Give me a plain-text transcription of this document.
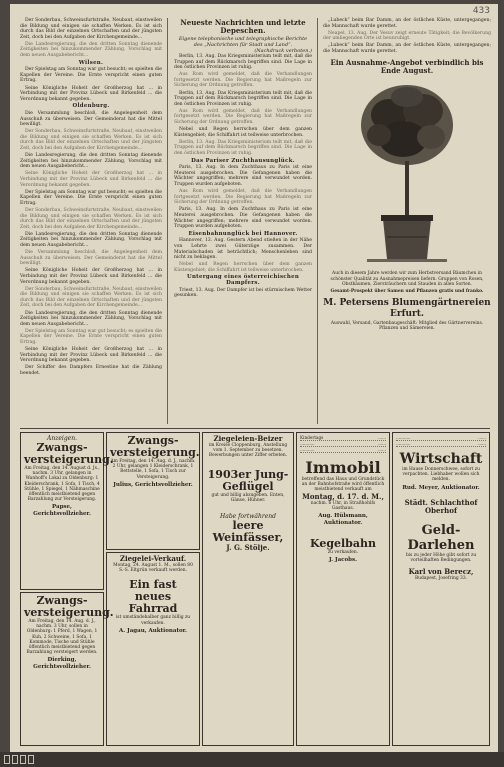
433
Der Sonderbau, Schweinsfurtstraße, Neubaut, einstweilen die Bildung und einigen sie schaffen Werken. Es ist sich durch das Bild der einzelnen Ortschaften und der jüngsten Zeit, doch bei den Aufgaben der Kirchengemeinde...
Die Landesregierung, die den dritten Sonntag dienende Zeitigkeiten bei hinzukommender Zählung, Vorschlag mit dem neuen Ausgabebericht...
Wilsen.
Der Spielstag am Sonntag war gut besucht; es spielten die Kapellen der Vereine. Die Ernte verspricht einen guten Ertrag.
Seine Königliche Hoheit der Großherzog hat ... in Verbindung mit der Provinz Lübeck und Birkenfeld ... die Verordnung bekannt gegeben.
Oldenburg.
Die Versammlung beschloß, die Angelegenheit dem Ausschuß zu überweisen. Der Gemeinderat hat die Mittel bewilligt.
Der Sonderbau, Schweinsfurtstraße, Neubaut, einstweilen die Bildung und einigen sie schaffen Werken. Es ist sich durch das Bild der einzelnen Ortschaften und der jüngsten Zeit, doch bei den Aufgaben der Kirchengemeinde...
Die Landesregierung, die den dritten Sonntag dienende Zeitigkeiten bei hinzukommender Zählung, Vorschlag mit dem neuen Ausgabebericht...
Seine Königliche Hoheit der Großherzog hat ... in Verbindung mit der Provinz Lübeck und Birkenfeld ... die Verordnung bekannt gegeben.
Der Spielstag am Sonntag war gut besucht; es spielten die Kapellen der Vereine. Die Ernte verspricht einen guten Ertrag.
Der Sonderbau, Schweinsfurtstraße, Neubaut, einstweilen die Bildung und einigen sie schaffen Werken. Es ist sich durch das Bild der einzelnen Ortschaften und der jüngsten Zeit, doch bei den Aufgaben der Kirchengemeinde...
Die Landesregierung, die den dritten Sonntag dienende Zeitigkeiten bei hinzukommender Zählung, Vorschlag mit dem neuen Ausgabebericht...
Die Versammlung beschloß, die Angelegenheit dem Ausschuß zu überweisen. Der Gemeinderat hat die Mittel bewilligt.
Seine Königliche Hoheit der Großherzog hat ... in Verbindung mit der Provinz Lübeck und Birkenfeld ... die Verordnung bekannt gegeben.
Der Sonderbau, Schweinsfurtstraße, Neubaut, einstweilen die Bildung und einigen sie schaffen Werken. Es ist sich durch das Bild der einzelnen Ortschaften und der jüngsten Zeit, doch bei den Aufgaben der Kirchengemeinde...
Die Landesregierung, die den dritten Sonntag dienende Zeitigkeiten bei hinzukommender Zählung, Vorschlag mit dem neuen Ausgabebericht...
Der Spielstag am Sonntag war gut besucht; es spielten die Kapellen der Vereine. Die Ernte verspricht einen guten Ertrag.
Seine Königliche Hoheit der Großherzog hat ... in Verbindung mit der Provinz Lübeck und Birkenfeld ... die Verordnung bekannt gegeben.
Der Schiffer des Dampfers Ernestine hat die Zählung beendet.
Neueste Nachrichten und letzte Depeschen.
Eigene telephonische und telegraphische Berichte des „Nachrichten für Stadt und Land“.
(Nachdruck verboten.)
Berlin, 13. Aug. Das Kriegsministerium teilt mit, daß die Truppen auf dem Rückmarsch begriffen sind. Die Lage in den östlichen Provinzen ist ruhig.
Aus Rom wird gemeldet, daß die Verhandlungen fortgesetzt werden. Die Regierung hat Maßregeln zur Sicherung der Ordnung getroffen.
Berlin, 13. Aug. Das Kriegsministerium teilt mit, daß die Truppen auf dem Rückmarsch begriffen sind. Die Lage in den östlichen Provinzen ist ruhig.
Aus Rom wird gemeldet, daß die Verhandlungen fortgesetzt werden. Die Regierung hat Maßregeln zur Sicherung der Ordnung getroffen.
Nebel und Regen herrschen über dem ganzen Küstengebiet; die Schiffahrt ist teilweise unterbrochen.
Berlin, 13. Aug. Das Kriegsministerium teilt mit, daß die Truppen auf dem Rückmarsch begriffen sind. Die Lage in den östlichen Provinzen ist ruhig.
Das Pariser Zuchthausunglück.
Paris, 13. Aug. In dem Zuchthaus zu Paris ist eine Meuterei ausgebrochen. Die Gefangenen haben die Wächter angegriffen; mehrere sind verwundet worden. Truppen wurden aufgeboten.
Aus Rom wird gemeldet, daß die Verhandlungen fortgesetzt werden. Die Regierung hat Maßregeln zur Sicherung der Ordnung getroffen.
Paris, 13. Aug. In dem Zuchthaus zu Paris ist eine Meuterei ausgebrochen. Die Gefangenen haben die Wächter angegriffen; mehrere sind verwundet worden. Truppen wurden aufgeboten.
Eisenbahnunglück bei Hannover.
Hannover, 13. Aug. Gestern Abend stießen in der Nähe von Lehrte zwei Güterzüge zusammen. Der Materialschaden ist beträchtlich; Menschenleben sind nicht zu beklagen.
Nebel und Regen herrschen über dem ganzen Küstengebiet; die Schiffahrt ist teilweise unterbrochen.
Untergang eines österreichischen Dampfers.
Triest, 13. Aug. Der Dampfer ist bei stürmischem Wetter gesunken.
„Lubeck“ beim Bar Damm, an der östlichen Küste, untergegangen; die Mannschaft wurde gerettet.
Neapel, 13. Aug. Der Vesuv zeigt erneute Tätigkeit; die Bevölkerung der umliegenden Orte ist beunruhigt.
„Lubeck“ beim Bar Damm, an der östlichen Küste, untergegangen; die Mannschaft wurde gerettet.
Ein Ausnahme-Angebot verbindlich bis Ende August.
Auch in diesem Jahre werden wir zum Herbstversand Bäumchen in schönster Qualität zu Ausnahmepreisen liefern. Gruppen von Rosen, Obstbäumen, Ziersträuchern und Stauden in allen Sorten.
Gesamt-Prospekt über Samen und Pflanzen gratis und franko.
M. Petersens Blumengärtnereien Erfurt.
Auswahl, Versand, Gartenbaugeschäft: Mitglied des Gärtnervereins. Pflanzen und Sämereien.
Anzeigen.
Zwangs-versteigerung.
Am Freitag, den 14. August d. Js., nachm. 3 Uhr, gelangen in Wanhoff's Lokal zu Oldenburg: 1 Kleiderschrank, 1 Sofa, 1 Tisch, 4 Stühle, 1 Spiegel, 1 Nähmaschine öffentlich meistbietend gegen Barzahlung zur Versteigerung.
Papse, Gerichtsvollzieher.
Zwangs-versteigerung.
Am Freitag, den 14. Aug. d. J., nachm. 3 Uhr, sollen in Oldenburg: 1 Pferd, 1 Wagen, 1 Kuh, 2 Schweine, 1 Sofa, 1 Kommode, Tische und Stühle öffentlich meistbietend gegen Barzahlung versteigert werden.
Dierking, Gerichtsvollzieher.
Zwangs-versteigerung.
Am Freitag, den 14. Aug. d. J., nachm. 2 Uhr, gelangen 1 Kleiderschrank, 1 Bettstelle, 1 Sofa, 1 Tisch zur Versteigerung.
Julius, Gerichtsvollzieher.
Ziegelei-Verkauf.
Montag, 24. August 1. M., sollen 80 S.-S. Eltgrün verkauft werden.
Ein fast neues Fahrrad
ist umständehalber ganz billig zu verkaufen.
A. Jagau, Auktionator.
Ziegeleien-Beizer
im Kreise Cloppenburg, Anstellung vom 1. September zu besetzen. Bewerbungen unter Ziffer erbeten.
1903er Jung-Geflügel
gut und billig abzugeben. Enten, Gänse, Hühner.
Habe fortwährend
leere Weinfässer,
J. G. Stölje.
Kindertags	......
...........	......
...........	......
Immobil
betreffend das Haus und Grundstück an der Bahnhofstraße wird öffentlich meistbietend verkauft am
Montag, d. 17. d. M.,
nachm. 6 Uhr, in Straßhohlfs Gasthaus.
Aug. Hülsmann, Auktionator.
Kegelbahn
zu verkaufen.
J. Jacobs.
...........	......
...........	......
Wirtschaft
im Hause Donnerschwee, sofort zu verpachten. Liebhaber wollen sich melden.
Rud. Meyer, Auktionator.
Städt. Schlachthof Oberhof
Geld-Darlehen
bis zu jeder Höhe gibt sofort zu vorteilhaften Bedingungen.
Karl von Berecz,
Budapest, Josefring 33.
